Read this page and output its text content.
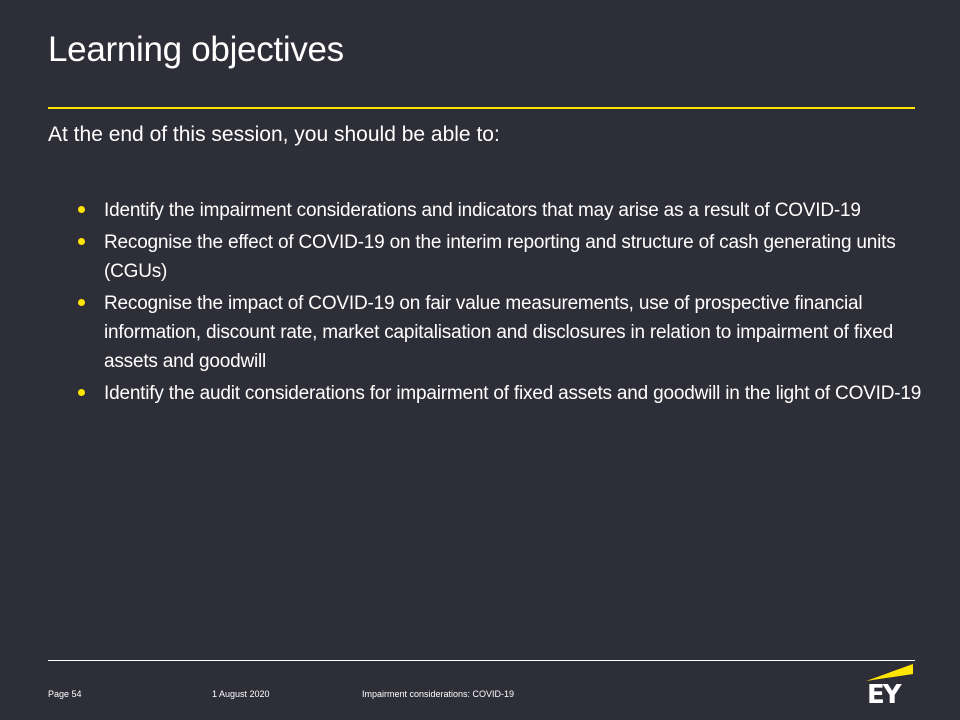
Learning objectives
At the end of this session, you should be able to:
Identify the impairment considerations and indicators that may arise as a result of COVID-19
Recognise the effect of COVID-19 on the interim reporting and structure of cash generating units (CGUs)
Recognise the impact of COVID-19 on fair value measurements, use of prospective financial information, discount rate, market capitalisation and disclosures in relation to impairment of fixed assets and goodwill
Identify the audit considerations for impairment of fixed assets and goodwill in the light of COVID-19
Page 54	1 August 2020	Impairment considerations: COVID-19	EY
